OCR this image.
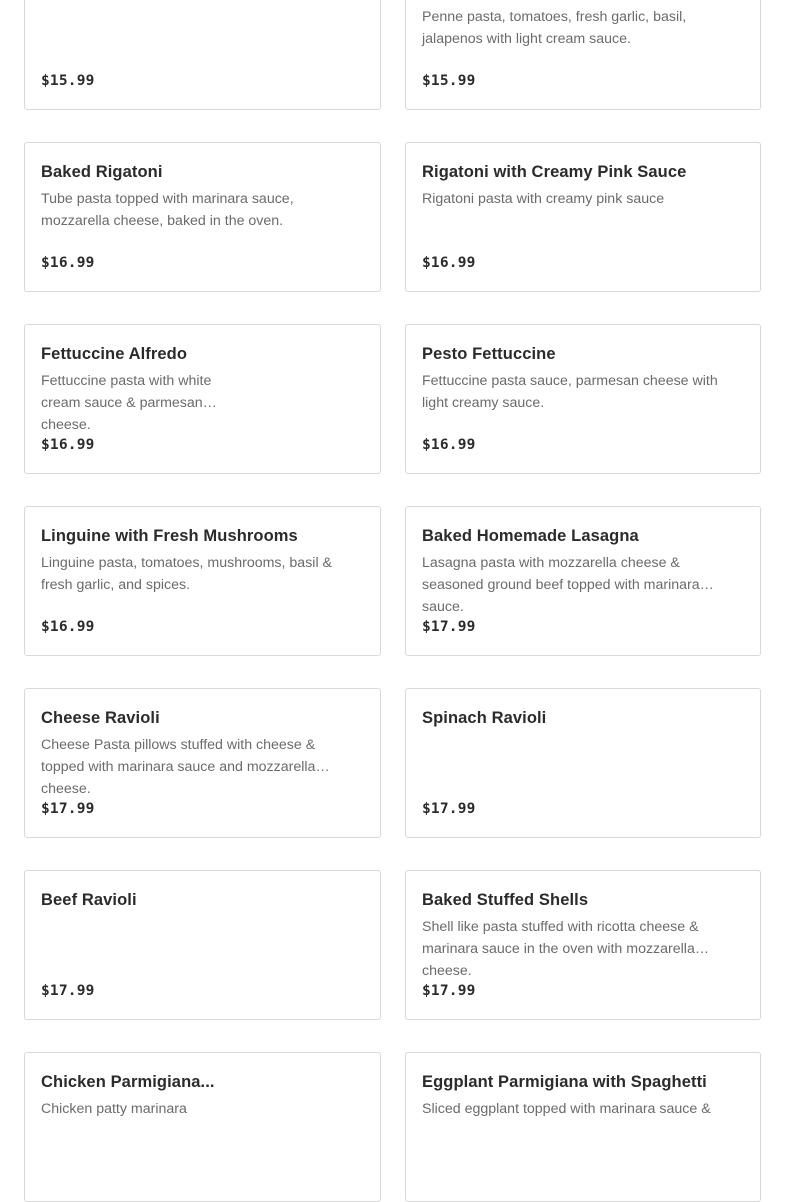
$15.99
Penne pasta, tomatoes, fresh garlic, basil, jalapenos with light cream sauce.
$15.99
Baked Rigatoni
Tube pasta topped with marinara sauce, mozzarella cheese, baked in the oven.
$16.99
Rigatoni with Creamy Pink Sauce
Rigatoni pasta with creamy pink sauce
$16.99
Fettuccine Alfredo
Fettuccine pasta with white cream sauce & parmesan cheese.
$16.99
Pesto Fettuccine
Fettuccine pasta sauce, parmesan cheese with light creamy sauce.
$16.99
Linguine with Fresh Mushrooms
Linguine pasta, tomatoes, mushrooms, basil & fresh garlic, and spices.
$16.99
Baked Homemade Lasagna
Lasagna pasta with mozzarella cheese & seasoned ground beef topped with marinara sauce.
$17.99
Cheese Ravioli
Cheese Pasta pillows stuffed with cheese & topped with marinara sauce and mozzarella cheese.
$17.99
Spinach Ravioli
$17.99
Beef Ravioli
$17.99
Baked Stuffed Shells
Shell like pasta stuffed with ricotta cheese & marinara sauce in the oven with mozzarella cheese.
$17.99
Chicken Parmigiana...
Chicken patty marinara
Eggplant Parmigiana with Spaghetti
Sliced eggplant topped with marinara sauce &
